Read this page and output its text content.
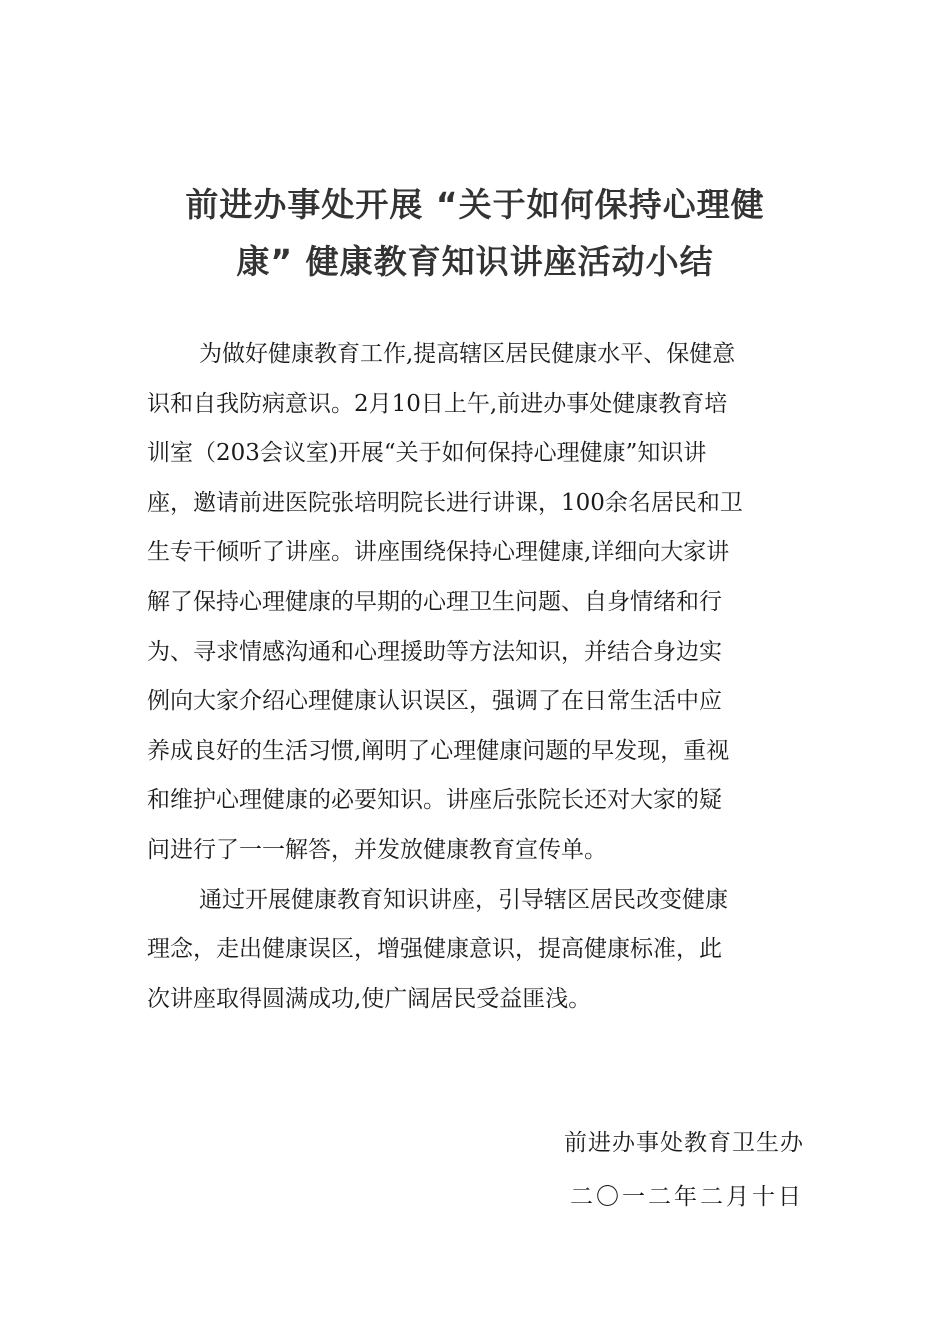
前进办事处开展 “关于如何保持心理健
康” 健康教育知识讲座活动小结
为做好健康教育工作,提高辖区居民健康水平、保健意
识和自我防病意识。2月10日上午,前进办事处健康教育培
训室（203会议室)开展“关于如何保持心理健康”知识讲
座，邀请前进医院张培明院长进行讲课，100余名居民和卫
生专干倾听了讲座。讲座围绕保持心理健康,详细向大家讲
解了保持心理健康的早期的心理卫生问题、自身情绪和行
为、寻求情感沟通和心理援助等方法知识，并结合身边实
例向大家介绍心理健康认识误区，强调了在日常生活中应
养成良好的生活习惯,阐明了心理健康问题的早发现，重视
和维护心理健康的必要知识。讲座后张院长还对大家的疑
问进行了一一解答，并发放健康教育宣传单。
通过开展健康教育知识讲座，引导辖区居民改变健康
理念，走出健康误区，增强健康意识，提高健康标准，此
次讲座取得圆满成功,使广阔居民受益匪浅。
前进办事处教育卫生办
二〇一二年二月十日
